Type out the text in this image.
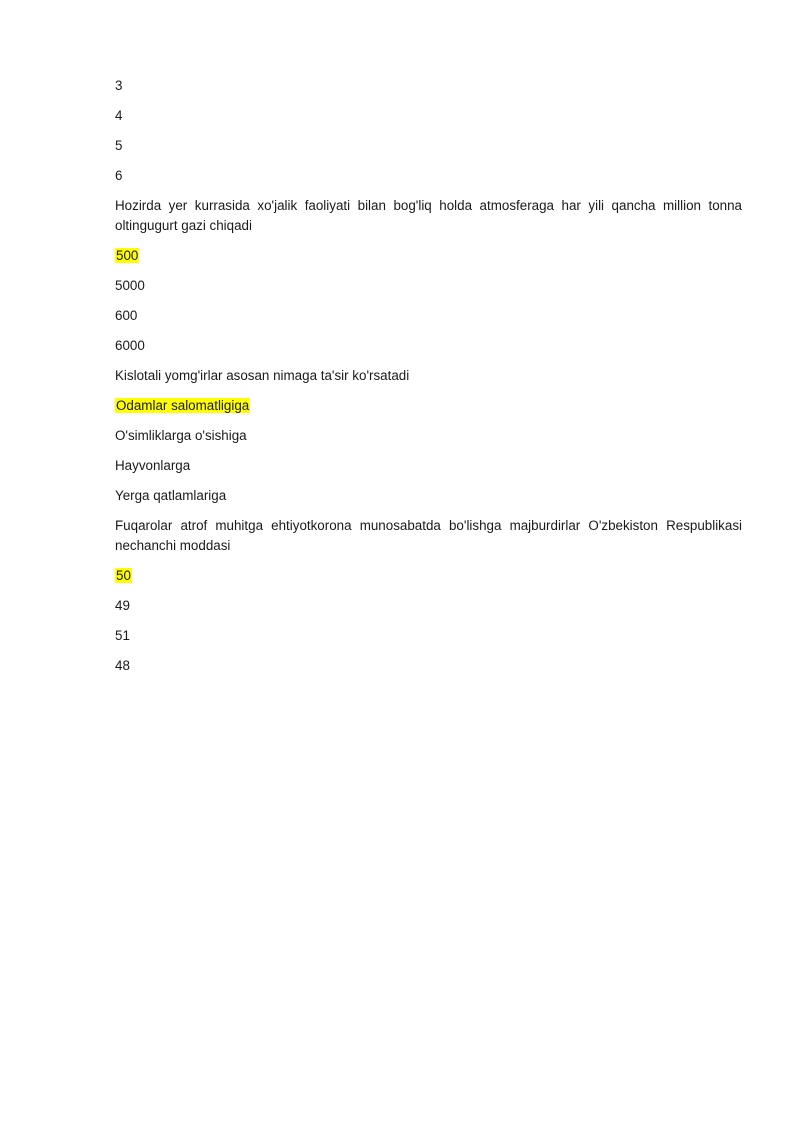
3
4
5
6
Hozirda yer kurrasida xo'jalik faoliyati bilan bog'liq holda atmosferaga har yili qancha million tonna oltingugurt gazi chiqadi
500
5000
600
6000
Kislotali yomg'irlar asosan nimaga ta'sir ko'rsatadi
Odamlar salomatligiga
O'simliklarga o'sishiga
Hayvonlarga
Yerga qatlamlariga
Fuqarolar atrof muhitga ehtiyotkorona munosabatda bo'lishga majburdirlar O'zbekiston Respublikasi nechanchi moddasi
50
49
51
48
